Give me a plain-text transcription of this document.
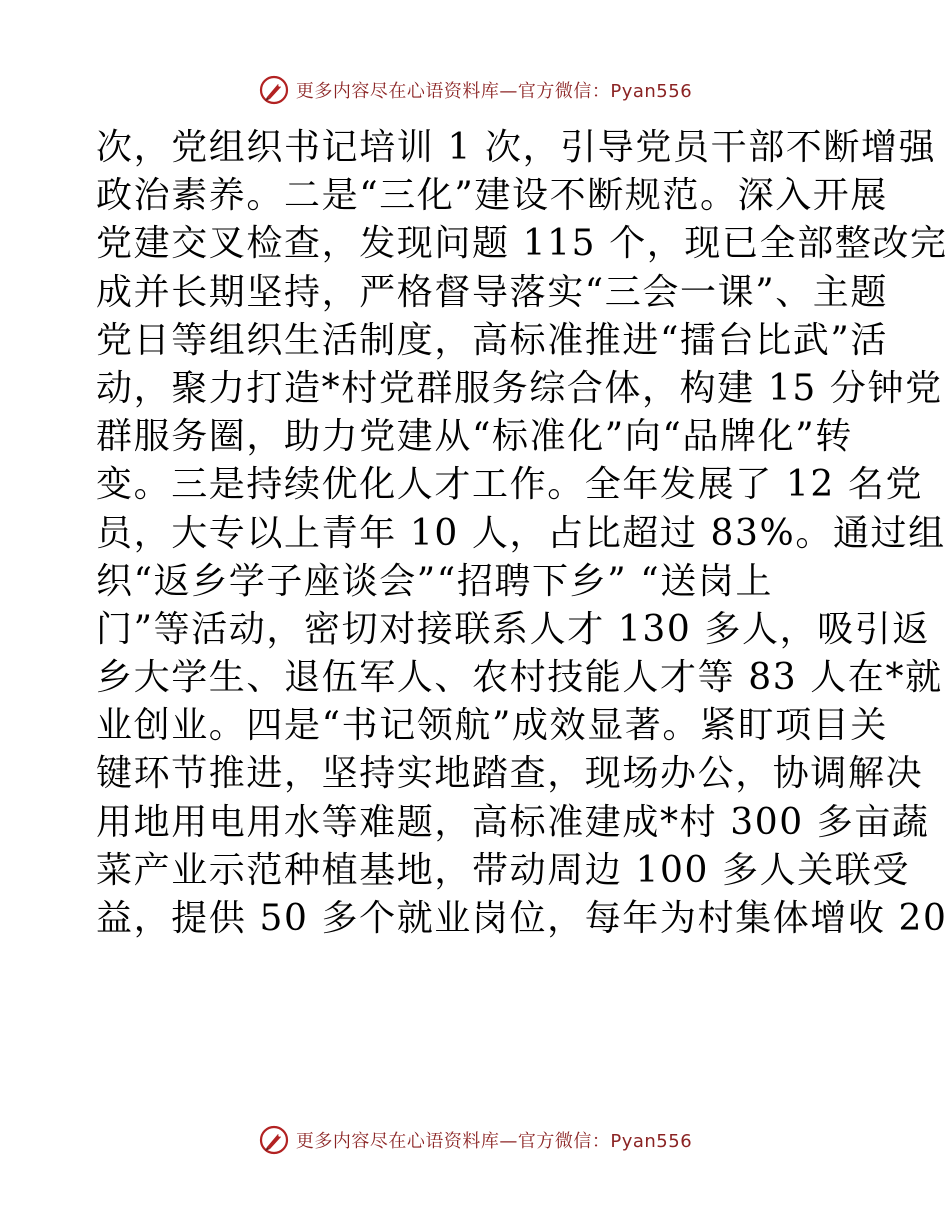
更多内容尽在心语资料库—官方微信：Pyan556
次，党组织书记培训 1 次，引导党员干部不断增强
政治素养。二是“三化”建设不断规范。深入开展
党建交叉检查，发现问题 115 个，现已全部整改完
成并长期坚持，严格督导落实“三会一课”、主题
党日等组织生活制度，高标准推进“擂台比武”活
动，聚力打造*村党群服务综合体，构建 15 分钟党
群服务圈，助力党建从“标准化”向“品牌化”转
变。三是持续优化人才工作。全年发展了 12 名党
员，大专以上青年 10 人，占比超过 83%。通过组
织“返乡学子座谈会”“招聘下乡” “送岗上
门”等活动，密切对接联系人才 130 多人，吸引返
乡大学生、退伍军人、农村技能人才等 83 人在*就
业创业。四是“书记领航”成效显著。紧盯项目关
键环节推进，坚持实地踏查，现场办公，协调解决
用地用电用水等难题，高标准建成*村 300 多亩蔬
菜产业示范种植基地，带动周边 100 多人关联受
益，提供 50 多个就业岗位，每年为村集体增收 20
更多内容尽在心语资料库—官方微信：Pyan556
